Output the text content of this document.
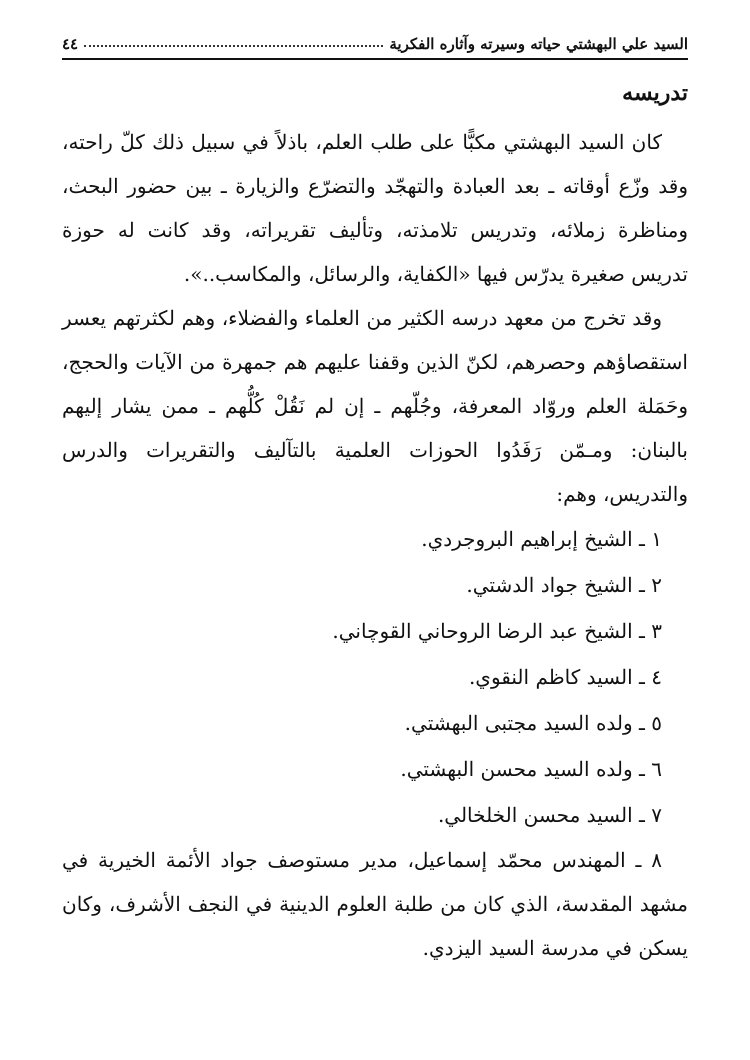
السيد علي البهشتي حياته وسيرته وآثاره الفكرية
٤٤
تدريسه

كان السيد البهشتي مكبًّا على طلب العلم، باذلاً في سبيل ذلك كلّ راحته، وقد وزّع أوقاته ـ بعد العبادة والتهجّد والتضرّع والزيارة ـ بين حضور البحث، ومناظرة زملائه، وتدريس تلامذته، وتأليف تقريراته، وقد كانت له حوزة تدريس صغيرة يدرّس فيها «الكفاية، والرسائل، والمكاسب..».

وقد تخرج من معهد درسه الكثير من العلماء والفضلاء، وهم لكثرتهم يعسر استقصاؤهم وحصرهم، لكنّ الذين وقفنا عليهم هم جمهرة من الآيات والحجج، وحَمَلة العلم وروّاد المعرفة، وجُلّهم ـ إن لم نَقُلْ كُلُّهم ـ ممن يشار إليهم بالبنان: ومـمّن رَفَدُوا الحوزات العلمية بالتآليف والتقريرات والدرس والتدريس، وهم:

١ ـ الشيخ إبراهيم البروجردي.
٢ ـ الشيخ جواد الدشتي.
٣ ـ الشيخ عبد الرضا الروحاني القوچاني.
٤ ـ السيد كاظم النقوي.
٥ ـ ولده السيد مجتبى البهشتي.
٦ ـ ولده السيد محسن البهشتي.
٧ ـ السيد محسن الخلخالي.

٨ ـ المهندس محمّد إسماعيل، مدير مستوصف جواد الأئمة الخيرية في مشهد المقدسة، الذي كان من طلبة العلوم الدينية في النجف الأشرف، وكان يسكن في مدرسة السيد اليزدي.
